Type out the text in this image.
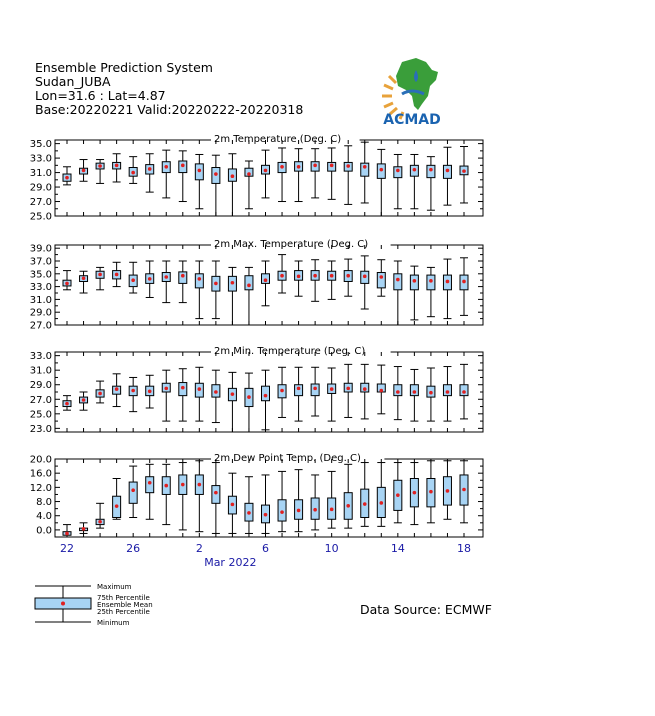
Ensemble Prediction System
Sudan_JUBA
Lon=31.6 : Lat=4.87
Base:20220221 Valid:20220222-20220318
ACMAD
2m Temperature (Deg. C)
35.0
33.0
31.0
29.0
27.0
25.0
2m Max. Temperature (Deg. C)
39.0
37.0
35.0
33.0
31.0
29.0
27.0
2m Min. Temperature (Deg. C)
33.0
31.0
29.0
27.0
25.0
23.0
2m Dew Point Temp. (Deg. C)
20.0
16.0
12.0
8.0
4.0
0.0
22	26	2	6	10	14	18
Mar 2022
Maximum
75th Percentile
Ensemble Mean
25th Percentile
Minimum
Data Source: ECMWF
